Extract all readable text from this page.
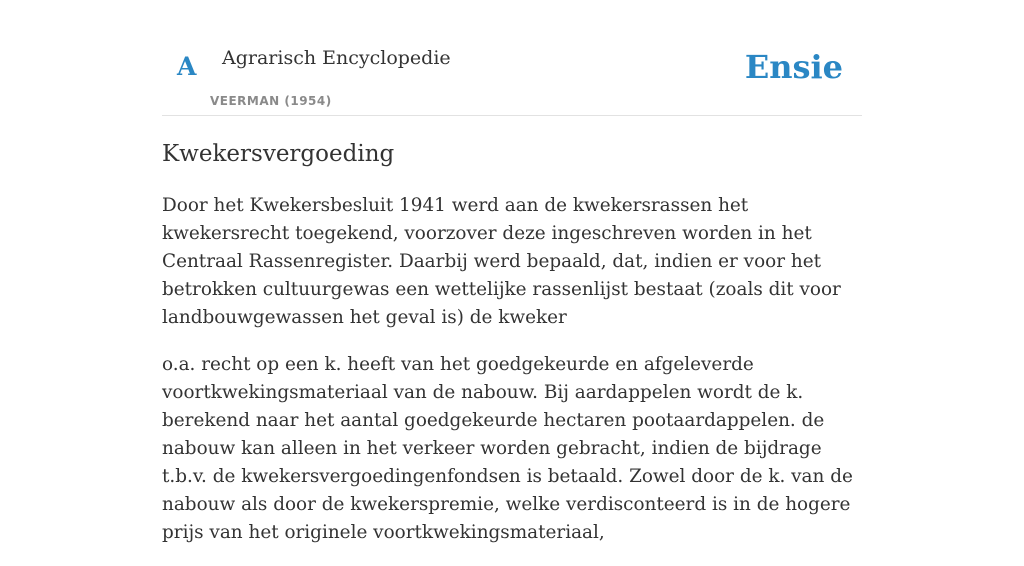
A Agrarisch Encyclopedie
VEERMAN (1954)
Ensie
Kwekersvergoeding

Door het Kwekersbesluit 1941 werd aan de kwekersrassen het kwekersrecht toegekend, voorzover deze ingeschreven worden in het Centraal Rassenregister. Daarbij werd bepaald, dat, indien er voor het betrokken cultuurgewas een wettelijke rassenlijst bestaat (zoals dit voor landbouwgewassen het geval is) de kweker

o.a. recht op een k. heeft van het goedgekeurde en afgeleverde voortkwekingsmateriaal van de nabouw. Bij aardappelen wordt de k. berekend naar het aantal goedgekeurde hectaren pootaardappelen. de nabouw kan alleen in het verkeer worden gebracht, indien de bijdrage t.b.v. de kwekersvergoedingenfondsen is betaald. Zowel door de k. van de nabouw als door de kwekerspremie, welke verdisconteerd is in de hogere prijs van het originele voortkwekingsmateriaal,
